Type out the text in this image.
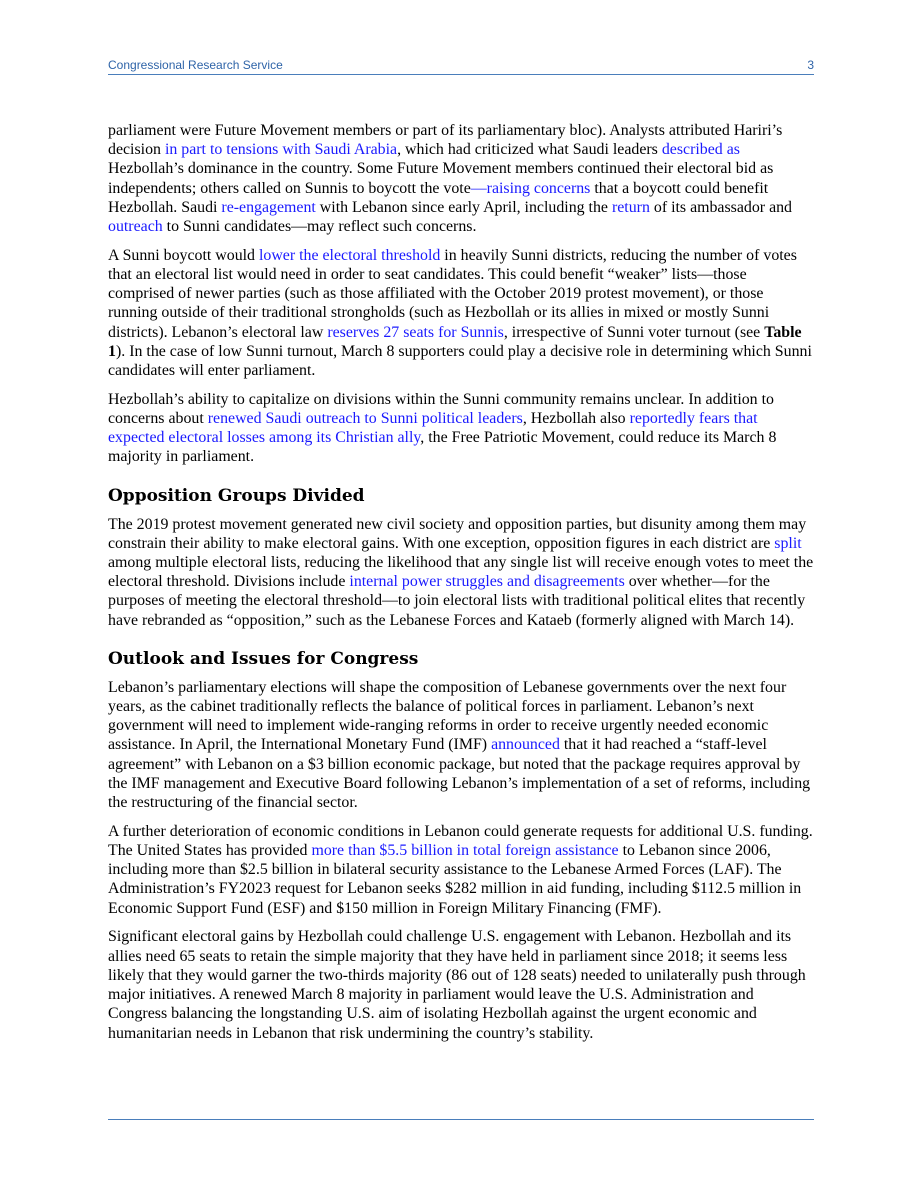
Congressional Research Service	3

parliament were Future Movement members or part of its parliamentary bloc). Analysts attributed Hariri’s decision in part to tensions with Saudi Arabia, which had criticized what Saudi leaders described as Hezbollah’s dominance in the country. Some Future Movement members continued their electoral bid as independents; others called on Sunnis to boycott the vote—raising concerns that a boycott could benefit Hezbollah. Saudi re-engagement with Lebanon since early April, including the return of its ambassador and outreach to Sunni candidates—may reflect such concerns.

A Sunni boycott would lower the electoral threshold in heavily Sunni districts, reducing the number of votes that an electoral list would need in order to seat candidates. This could benefit “weaker” lists—those comprised of newer parties (such as those affiliated with the October 2019 protest movement), or those running outside of their traditional strongholds (such as Hezbollah or its allies in mixed or mostly Sunni districts). Lebanon’s electoral law reserves 27 seats for Sunnis, irrespective of Sunni voter turnout (see Table 1). In the case of low Sunni turnout, March 8 supporters could play a decisive role in determining which Sunni candidates will enter parliament.

Hezbollah’s ability to capitalize on divisions within the Sunni community remains unclear. In addition to concerns about renewed Saudi outreach to Sunni political leaders, Hezbollah also reportedly fears that expected electoral losses among its Christian ally, the Free Patriotic Movement, could reduce its March 8 majority in parliament.

Opposition Groups Divided

The 2019 protest movement generated new civil society and opposition parties, but disunity among them may constrain their ability to make electoral gains. With one exception, opposition figures in each district are split among multiple electoral lists, reducing the likelihood that any single list will receive enough votes to meet the electoral threshold. Divisions include internal power struggles and disagreements over whether—for the purposes of meeting the electoral threshold—to join electoral lists with traditional political elites that recently have rebranded as “opposition,” such as the Lebanese Forces and Kataeb (formerly aligned with March 14).

Outlook and Issues for Congress

Lebanon’s parliamentary elections will shape the composition of Lebanese governments over the next four years, as the cabinet traditionally reflects the balance of political forces in parliament. Lebanon’s next government will need to implement wide-ranging reforms in order to receive urgently needed economic assistance. In April, the International Monetary Fund (IMF) announced that it had reached a “staff-level agreement” with Lebanon on a $3 billion economic package, but noted that the package requires approval by the IMF management and Executive Board following Lebanon’s implementation of a set of reforms, including the restructuring of the financial sector.

A further deterioration of economic conditions in Lebanon could generate requests for additional U.S. funding. The United States has provided more than $5.5 billion in total foreign assistance to Lebanon since 2006, including more than $2.5 billion in bilateral security assistance to the Lebanese Armed Forces (LAF). The Administration’s FY2023 request for Lebanon seeks $282 million in aid funding, including $112.5 million in Economic Support Fund (ESF) and $150 million in Foreign Military Financing (FMF).

Significant electoral gains by Hezbollah could challenge U.S. engagement with Lebanon. Hezbollah and its allies need 65 seats to retain the simple majority that they have held in parliament since 2018; it seems less likely that they would garner the two-thirds majority (86 out of 128 seats) needed to unilaterally push through major initiatives. A renewed March 8 majority in parliament would leave the U.S. Administration and Congress balancing the longstanding U.S. aim of isolating Hezbollah against the urgent economic and humanitarian needs in Lebanon that risk undermining the country’s stability.
